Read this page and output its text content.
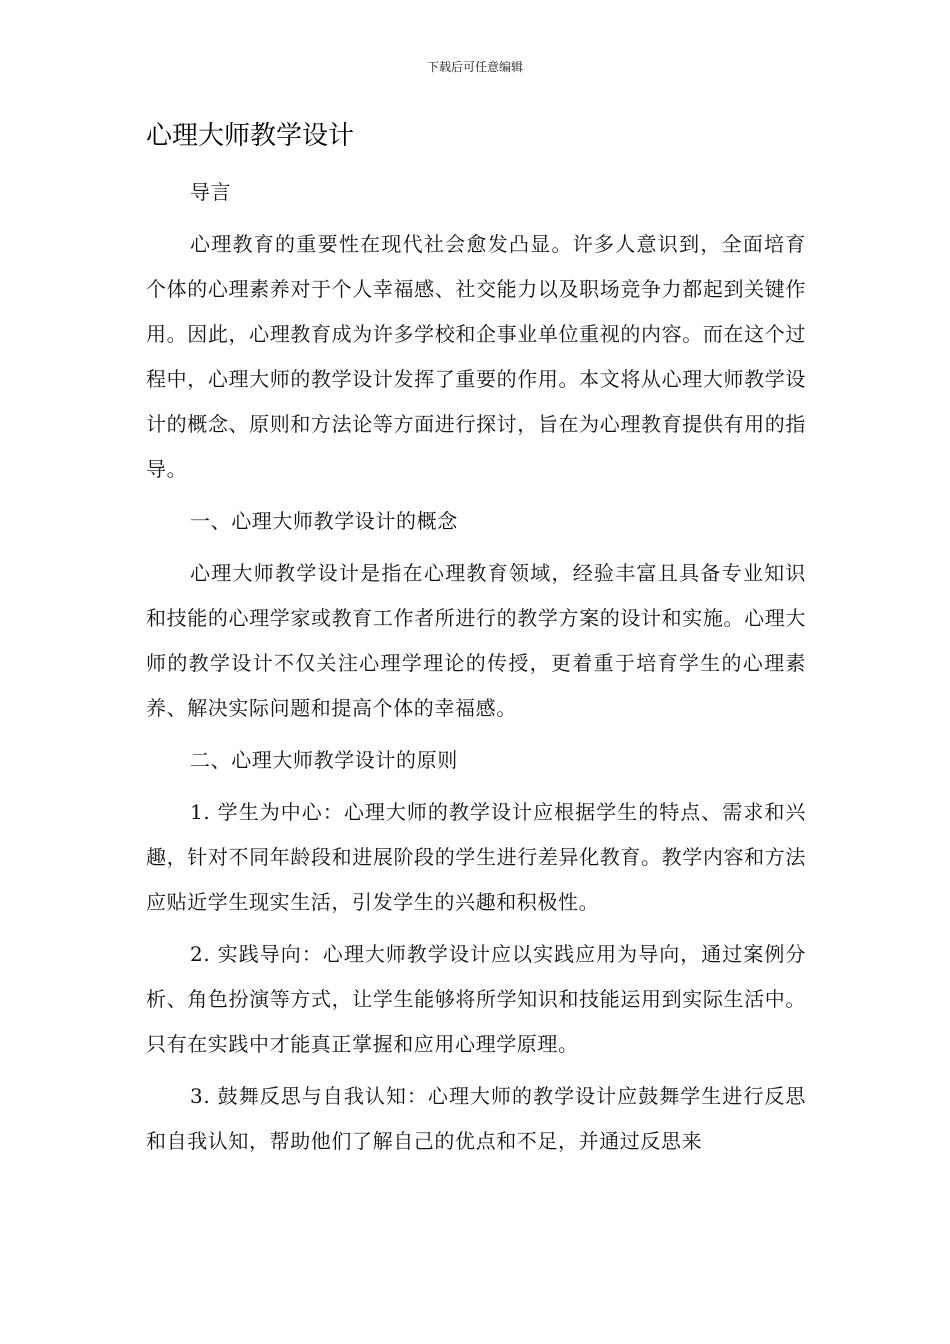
下载后可任意编辑
心理大师教学设计

导言

心理教育的重要性在现代社会愈发凸显。许多人意识到，全面培育个体的心理素养对于个人幸福感、社交能力以及职场竞争力都起到关键作用。因此，心理教育成为许多学校和企事业单位重视的内容。而在这个过程中，心理大师的教学设计发挥了重要的作用。本文将从心理大师教学设计的概念、原则和方法论等方面进行探讨，旨在为心理教育提供有用的指导。

一、心理大师教学设计的概念

心理大师教学设计是指在心理教育领域，经验丰富且具备专业知识和技能的心理学家或教育工作者所进行的教学方案的设计和实施。心理大师的教学设计不仅关注心理学理论的传授，更着重于培育学生的心理素养、解决实际问题和提高个体的幸福感。

二、心理大师教学设计的原则

1. 学生为中心：心理大师的教学设计应根据学生的特点、需求和兴趣，针对不同年龄段和进展阶段的学生进行差异化教育。教学内容和方法应贴近学生现实生活，引发学生的兴趣和积极性。

2. 实践导向：心理大师教学设计应以实践应用为导向，通过案例分析、角色扮演等方式，让学生能够将所学知识和技能运用到实际生活中。只有在实践中才能真正掌握和应用心理学原理。

3. 鼓舞反思与自我认知：心理大师的教学设计应鼓舞学生进行反思和自我认知，帮助他们了解自己的优点和不足，并通过反思来
